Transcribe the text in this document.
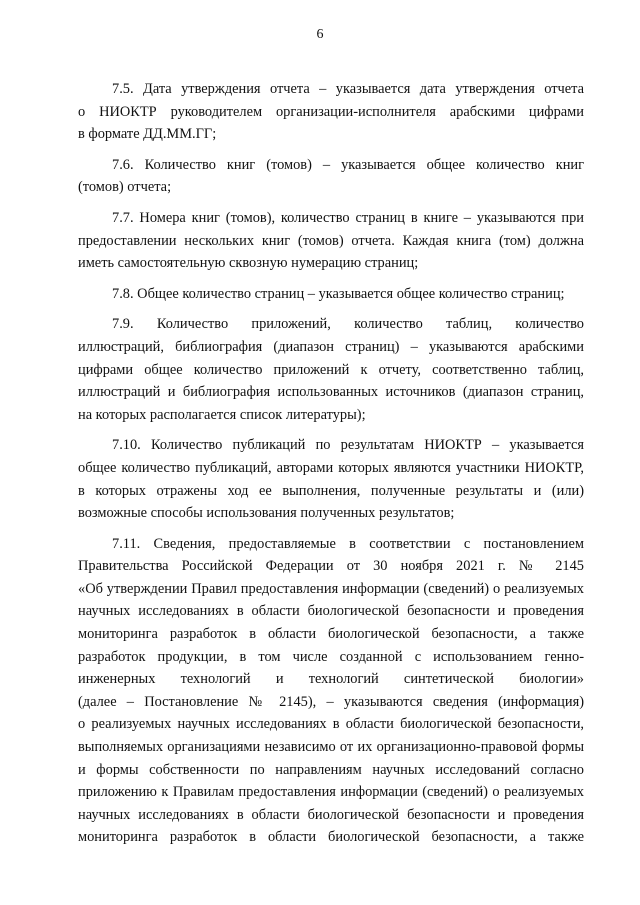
6
7.5. Дата утверждения отчета – указывается дата утверждения отчета
о НИОКТР руководителем организации-исполнителя арабскими цифрами
в формате ДД.ММ.ГГ;
7.6. Количество книг (томов) – указывается общее количество книг
(томов) отчета;
7.7. Номера книг (томов), количество страниц в книге – указываются при
предоставлении нескольких книг (томов) отчета. Каждая книга (том) должна
иметь самостоятельную сквозную нумерацию страниц;
7.8. Общее количество страниц – указывается общее количество страниц;
7.9. Количество приложений, количество таблиц, количество
иллюстраций, библиография (диапазон страниц) – указываются арабскими
цифрами общее количество приложений к отчету, соответственно таблиц,
иллюстраций и библиография использованных источников (диапазон страниц,
на которых располагается список литературы);
7.10. Количество публикаций по результатам НИОКТР – указывается
общее количество публикаций, авторами которых являются участники НИОКТР,
в которых отражены ход ее выполнения, полученные результаты и (или)
возможные способы использования полученных результатов;
7.11. Сведения, предоставляемые в соответствии с постановлением
Правительства Российской Федерации от 30 ноября 2021 г. № 2145
«Об утверждении Правил предоставления информации (сведений) о реализуемых
научных исследованиях в области биологической безопасности и проведения
мониторинга разработок в области биологической безопасности, а также
разработок продукции, в том числе созданной с использованием генно-
инженерных технологий и технологий синтетической биологии»
(далее – Постановление № 2145), – указываются сведения (информация)
о реализуемых научных исследованиях в области биологической безопасности,
выполняемых организациями независимо от их организационно-правовой формы
и формы собственности по направлениям научных исследований согласно
приложению к Правилам предоставления информации (сведений) о реализуемых
научных исследованиях в области биологической безопасности и проведения
мониторинга разработок в области биологической безопасности, а также
